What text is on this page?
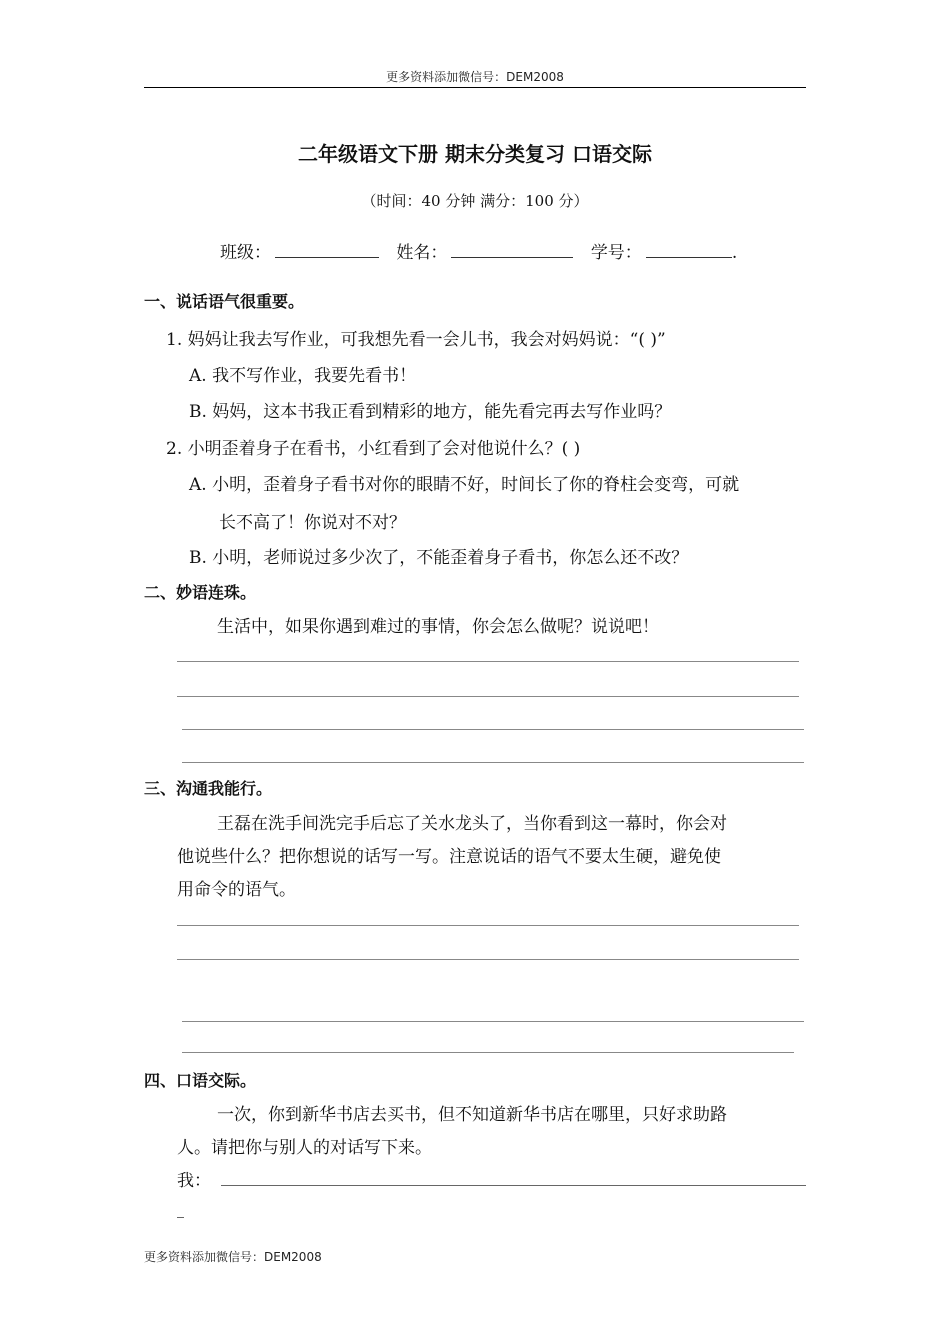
更多资料添加微信号：DEM2008
二年级语文下册 期末分类复习 口语交际
（时间：40 分钟 满分：100 分）
班级：	姓名：	学号：	.
一、说话语气很重要。
1. 妈妈让我去写作业，可我想先看一会儿书，我会对妈妈说：“( )”
A. 我不写作业，我要先看书！
B. 妈妈，这本书我正看到精彩的地方，能先看完再去写作业吗？
2. 小明歪着身子在看书，小红看到了会对他说什么？( )
A. 小明，歪着身子看书对你的眼睛不好，时间长了你的脊柱会变弯，可就
长不高了！你说对不对？
B. 小明，老师说过多少次了，不能歪着身子看书，你怎么还不改？
二、妙语连珠。
生活中，如果你遇到难过的事情，你会怎么做呢？说说吧！
三、沟通我能行。
王磊在洗手间洗完手后忘了关水龙头了，当你看到这一幕时，你会对
他说些什么？把你想说的话写一写。注意说话的语气不要太生硬，避免使
用命令的语气。
四、口语交际。
一次，你到新华书店去买书，但不知道新华书店在哪里，只好求助路
人。请把你与别人的对话写下来。
我：
更多资料添加微信号：DEM2008
